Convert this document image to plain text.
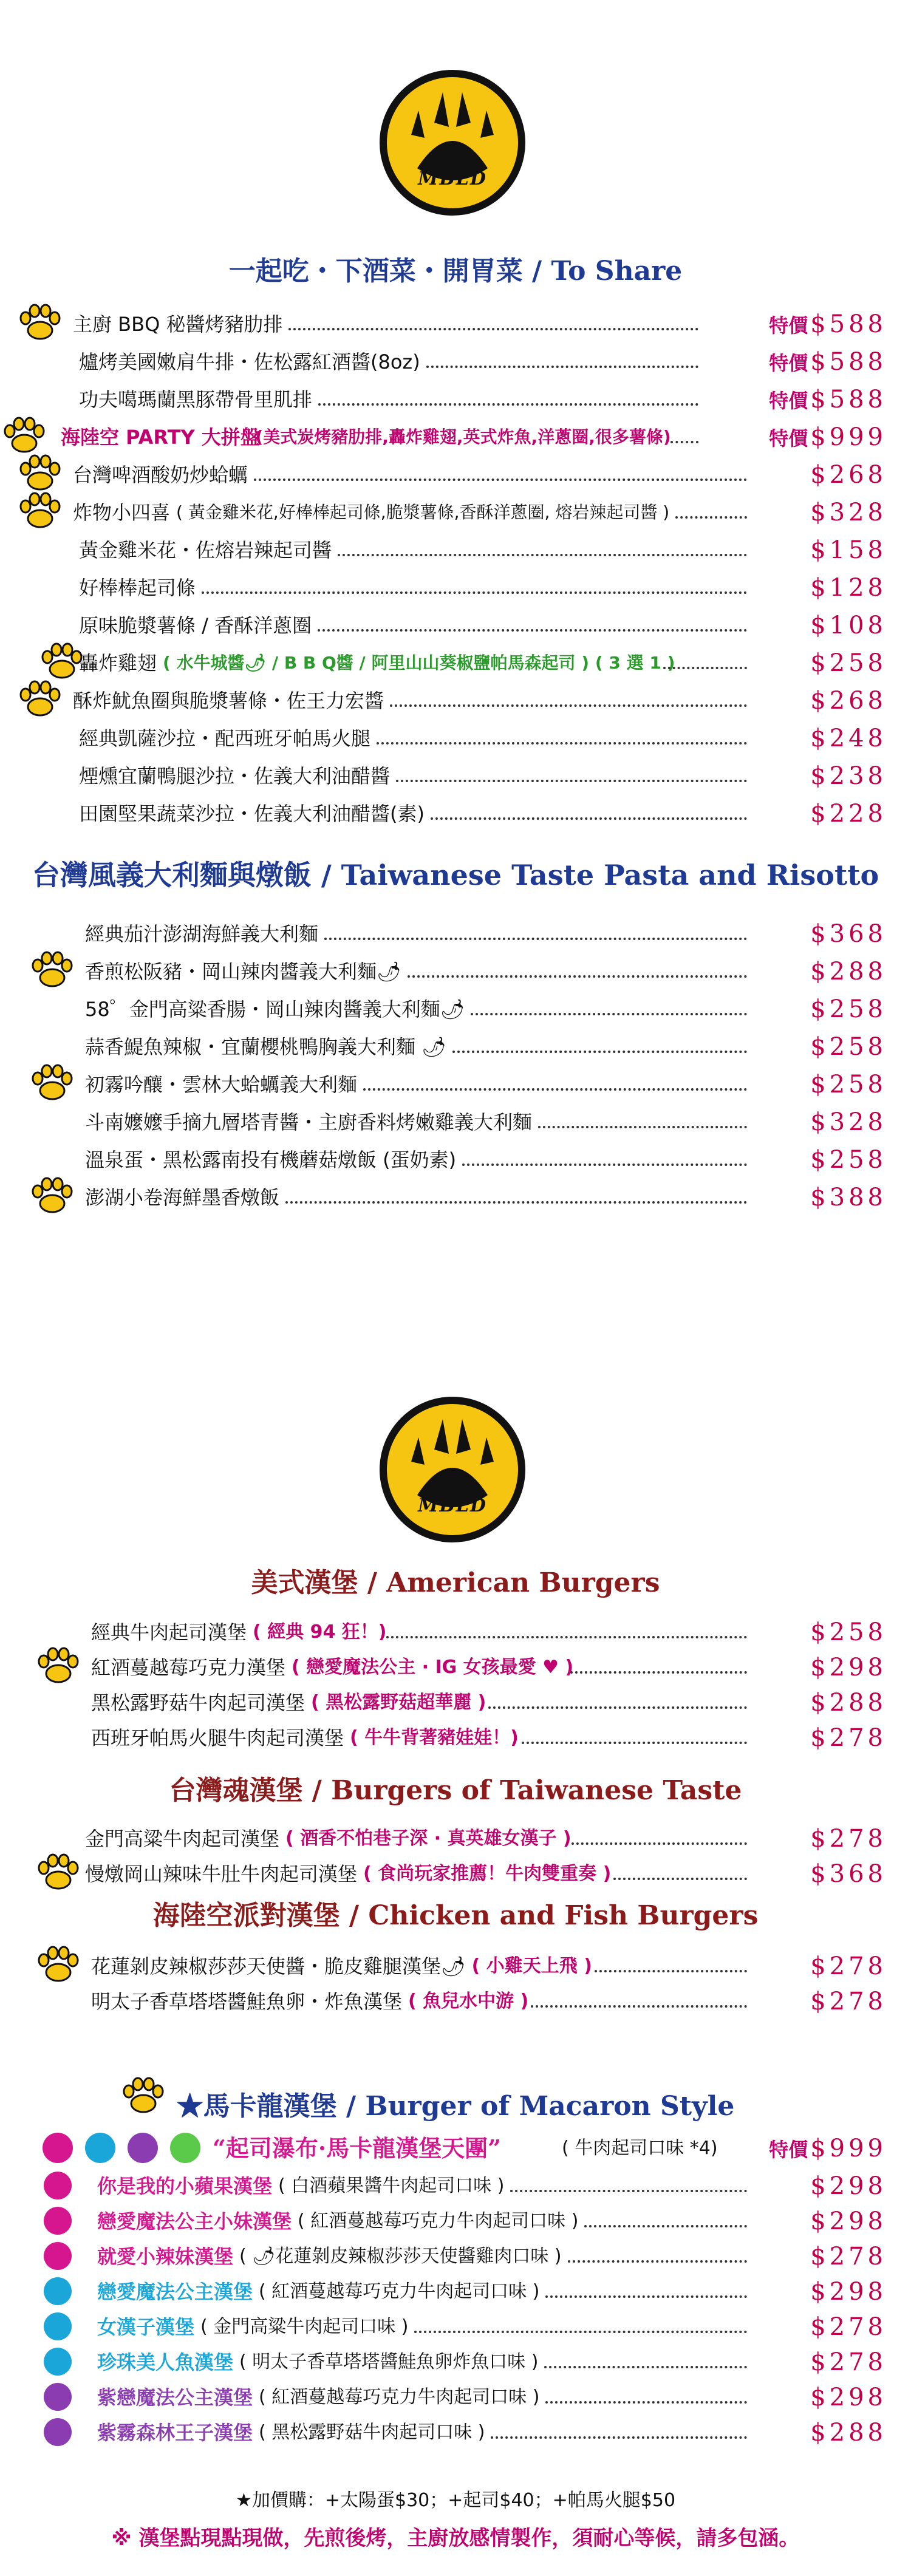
MBLD
一起吃・下酒菜・開胃菜 / To Share
主廚 BBQ 秘醬烤豬肋排	特價 $588
爐烤美國嫩肩牛排・佐松露紅酒醬(8oz)	特價 $588
功夫噶瑪蘭黑豚帶骨里肌排	特價 $588
海陸空 PARTY 大拼盤
(美式炭烤豬肋排,轟炸雞翅,英式炸魚,洋蔥圈,很多薯條)	特價 $999
台灣啤酒酸奶炒蛤蠣	$268
炸物小四喜 ( 黃金雞米花,好棒棒起司條,脆漿薯條,香酥洋蔥圈, 熔岩辣起司醬 )	$328
黃金雞米花・佐熔岩辣起司醬	$158
好棒棒起司條	$128
原味脆漿薯條 / 香酥洋蔥圈	$108
轟炸雞翅 ( 水牛城醬🌶 / B B Q醬 / 阿里山山葵椒鹽帕馬森起司 ) ( 3 選 1 )	$258
酥炸魷魚圈與脆漿薯條・佐王力宏醬	$268
經典凱薩沙拉・配西班牙帕馬火腿	$248
煙燻宜蘭鴨腿沙拉・佐義大利油醋醬	$238
田園堅果蔬菜沙拉・佐義大利油醋醬(素)	$228
台灣風義大利麵與燉飯 / Taiwanese Taste Pasta and Risotto
經典茄汁澎湖海鮮義大利麵	$368
香煎松阪豬・岡山辣肉醬義大利麵🌶	$288
58゜金門高粱香腸・岡山辣肉醬義大利麵🌶	$258
蒜香鯷魚辣椒・宜蘭櫻桃鴨胸義大利麵 🌶	$258
初霧吟釀・雲林大蛤蠣義大利麵	$258
斗南嬤嬤手摘九層塔青醬・主廚香料烤嫩雞義大利麵	$328
溫泉蛋・黑松露南投有機蘑菇燉飯 (蛋奶素)	$258
澎湖小卷海鮮墨香燉飯	$388
MBLD
美式漢堡 / American Burgers
經典牛肉起司漢堡 ( 經典 94 狂！)	$258
紅酒蔓越莓巧克力漢堡 ( 戀愛魔法公主 · IG 女孩最愛 ♥ )	$298
黑松露野菇牛肉起司漢堡 ( 黑松露野菇超華麗 )	$288
西班牙帕馬火腿牛肉起司漢堡 ( 牛牛背著豬娃娃！)	$278
台灣魂漢堡 / Burgers of Taiwanese Taste
金門高粱牛肉起司漢堡 ( 酒香不怕巷子深 · 真英雄女漢子 )	$278
慢燉岡山辣味牛肚牛肉起司漢堡 ( 食尚玩家推薦！牛肉雙重奏 )	$368
海陸空派對漢堡 / Chicken and Fish Burgers
花蓮剝皮辣椒莎莎天使醬・脆皮雞腿漢堡🌶 ( 小雞天上飛 )	$278
明太子香草塔塔醬鮭魚卵・炸魚漢堡 ( 魚兒水中游 )	$278
★馬卡龍漢堡 / Burger of Macaron Style
“起司瀑布·馬卡龍漢堡天團”	( 牛肉起司口味 *4)	特價 $999
你是我的小蘋果漢堡 ( 白酒蘋果醬牛肉起司口味 )	$298
戀愛魔法公主小妹漢堡 ( 紅酒蔓越莓巧克力牛肉起司口味 )	$298
就愛小辣妹漢堡 ( 🌶花蓮剝皮辣椒莎莎天使醬雞肉口味 )	$278
戀愛魔法公主漢堡 ( 紅酒蔓越莓巧克力牛肉起司口味 )	$298
女漢子漢堡 ( 金門高粱牛肉起司口味 )	$278
珍珠美人魚漢堡 ( 明太子香草塔塔醬鮭魚卵炸魚口味 )	$278
紫戀魔法公主漢堡 ( 紅酒蔓越莓巧克力牛肉起司口味 )	$298
紫霧森林王子漢堡 ( 黑松露野菇牛肉起司口味 )	$288
★加價購：+太陽蛋$30；+起司$40；+帕馬火腿$50
※ 漢堡點現點現做，先煎後烤，主廚放感情製作，須耐心等候，請多包涵。
